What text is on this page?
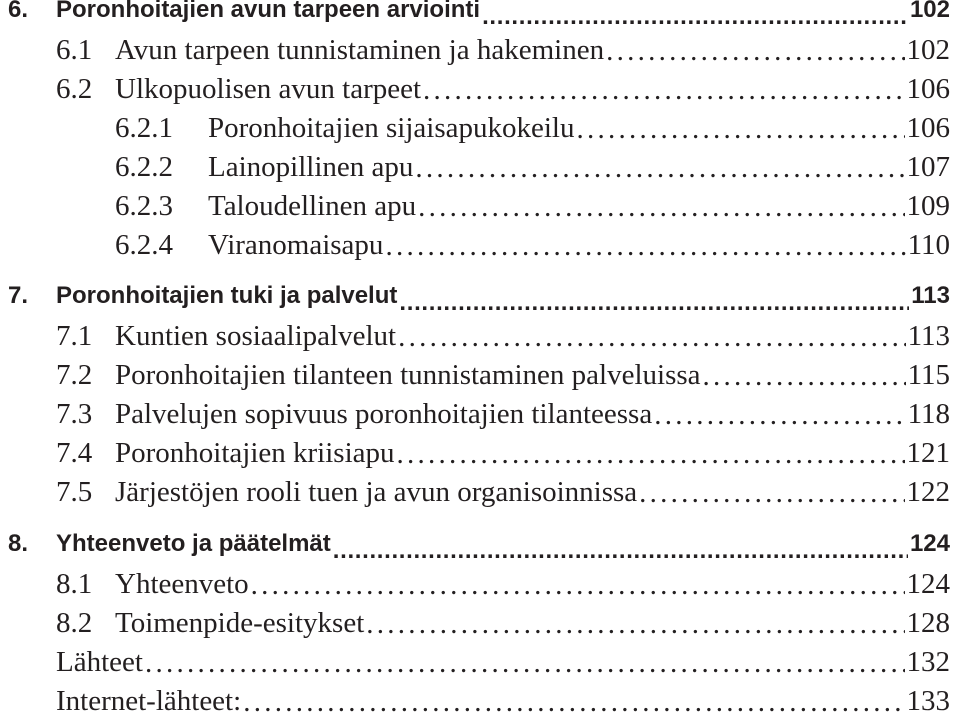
6.	Poronhoitajien avun tarpeen arviointi . . .	102
6.1 Avun tarpeen tunnistaminen ja hakeminen . . .	102
6.2 Ulkopuolisen avun tarpeet . . .	106
6.2.1	Poronhoitajien sijaisapukokeilu . . .	106
6.2.2	Lainopillinen apu . . .	107
6.2.3	Taloudellinen apu . . .	109
6.2.4	Viranomaisapu . . .	110
7.	Poronhoitajien tuki ja palvelut . . .	113
7.1 Kuntien sosiaalipalvelut . . .	113
7.2 Poronhoitajien tilanteen tunnistaminen palveluissa . . .	115
7.3 Palvelujen sopivuus poronhoitajien tilanteessa . . .	118
7.4 Poronhoitajien kriisiapu . . .	121
7.5 Järjestöjen rooli tuen ja avun organisoinnissa . . .	122
8.	Yhteenveto ja päätelmät . . .	124
8.1 Yhteenveto . . .	124
8.2 Toimenpide-esitykset . . .	128
Lähteet . . .	132
Internet-lähteet: . . .	133
